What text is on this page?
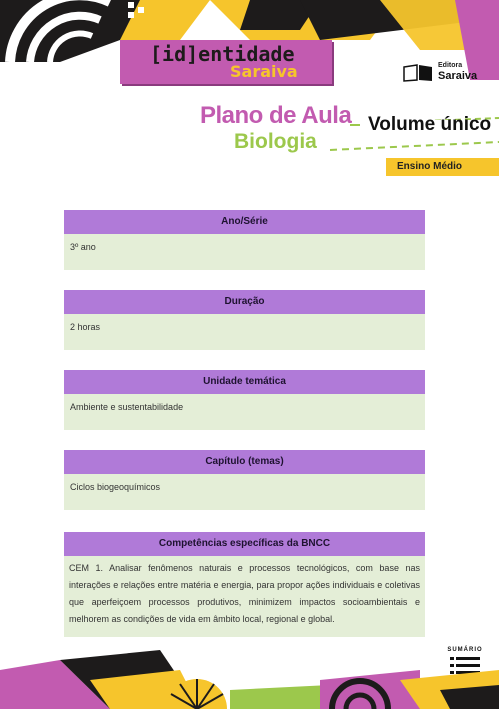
[id]entidade
Saraiva	Editora
Saraiva
Plano de Aula
Biologia
Volume único
Ensino Médio
Ano/Série
3º ano
Duração
2 horas
Unidade temática
Ambiente e sustentabilidade
Capítulo (temas)
Ciclos biogeoquímicos
Competências específicas da BNCC
CEM 1. Analisar fenômenos naturais e processos tecnológicos, com base nas interações e relações entre matéria e energia, para propor ações individuais e coletivas que aperfeiçoem processos produtivos, minimizem impactos socioambientais e melhorem as condições de vida em âmbito local, regional e global.
SUMÁRIO
